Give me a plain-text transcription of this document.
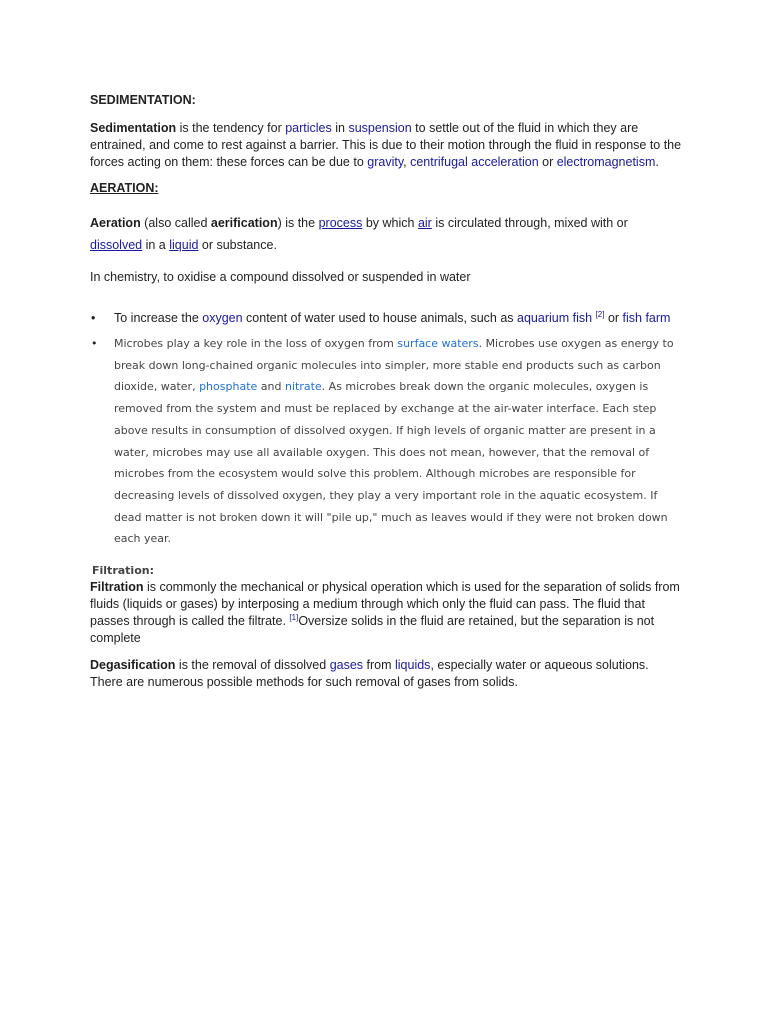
SEDIMENTATION:

Sedimentation is the tendency for particles in suspension to settle out of the fluid in which they are entrained, and come to rest against a barrier. This is due to their motion through the fluid in response to the forces acting on them: these forces can be due to gravity, centrifugal acceleration or electromagnetism.

AERATION:

Aeration (also called aerification) is the process by which air is circulated through, mixed with or dissolved in a liquid or substance.

In chemistry, to oxidise a compound dissolved or suspended in water

• To increase the oxygen content of water used to house animals, such as aquarium fish [2] or fish farm

• Microbes play a key role in the loss of oxygen from surface waters. Microbes use oxygen as energy to break down long-chained organic molecules into simpler, more stable end products such as carbon dioxide, water, phosphate and nitrate. As microbes break down the organic molecules, oxygen is removed from the system and must be replaced by exchange at the air-water interface. Each step above results in consumption of dissolved oxygen. If high levels of organic matter are present in a water, microbes may use all available oxygen. This does not mean, however, that the removal of microbes from the ecosystem would solve this problem. Although microbes are responsible for decreasing levels of dissolved oxygen, they play a very important role in the aquatic ecosystem. If dead matter is not broken down it will "pile up," much as leaves would if they were not broken down each year.

Filtration:

Filtration is commonly the mechanical or physical operation which is used for the separation of solids from fluids (liquids or gases) by interposing a medium through which only the fluid can pass. The fluid that passes through is called the filtrate. [1]Oversize solids in the fluid are retained, but the separation is not complete

Degasification is the removal of dissolved gases from liquids, especially water or aqueous solutions. There are numerous possible methods for such removal of gases from solids.
